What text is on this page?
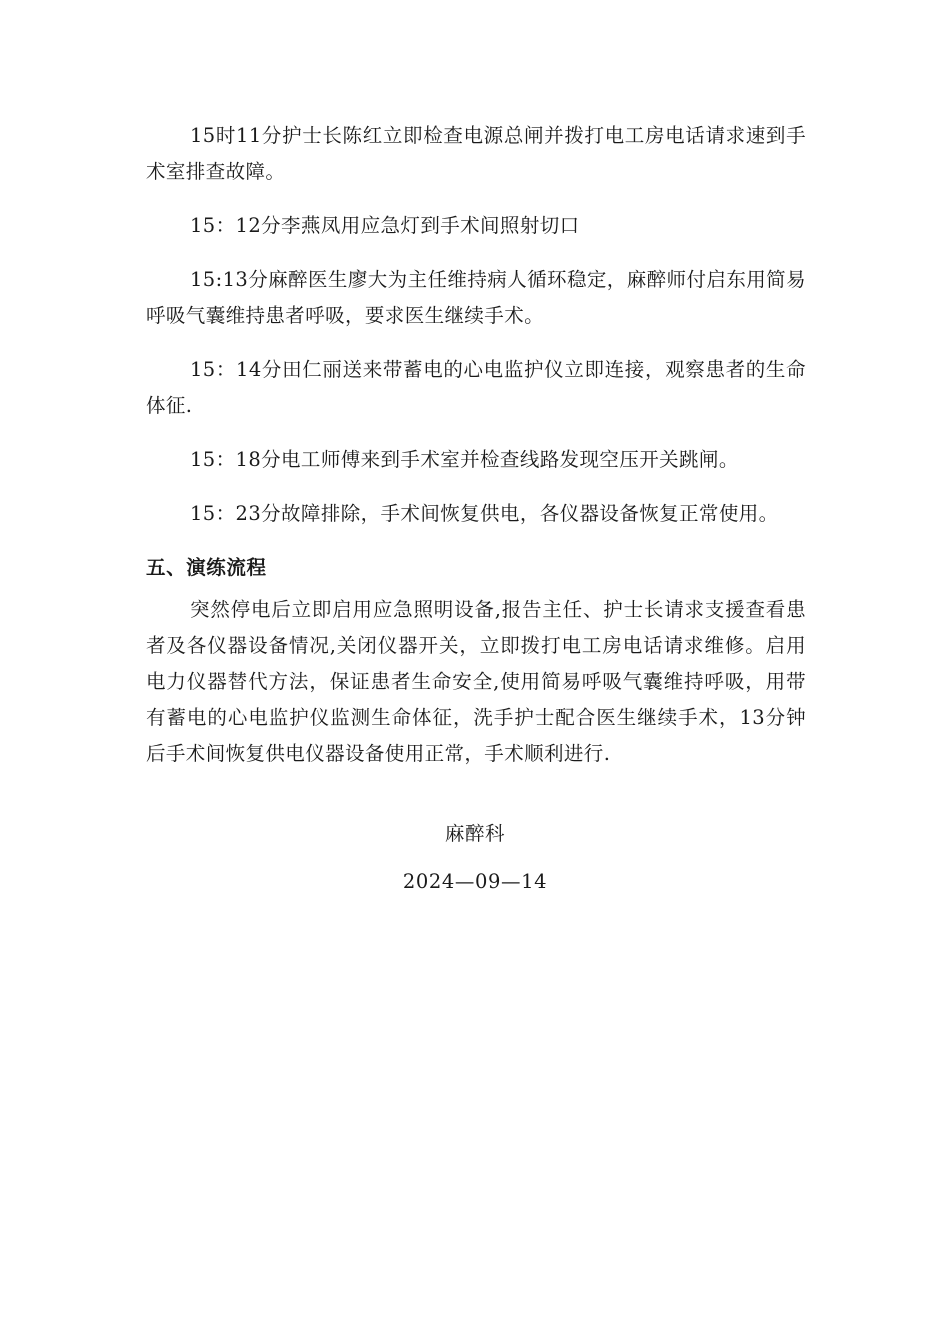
15时11分护士长陈红立即检查电源总闸并拨打电工房电话请求速到手术室排查故障。

15：12分李燕凤用应急灯到手术间照射切口

15:13分麻醉医生廖大为主任维持病人循环稳定，麻醉师付启东用简易呼吸气囊维持患者呼吸，要求医生继续手术。

15：14分田仁丽送来带蓄电的心电监护仪立即连接，观察患者的生命体征.

15：18分电工师傅来到手术室并检查线路发现空压开关跳闸。

15：23分故障排除，手术间恢复供电，各仪器设备恢复正常使用。

五、演练流程

突然停电后立即启用应急照明设备,报告主任、护士长请求支援查看患者及各仪器设备情况,关闭仪器开关，立即拨打电工房电话请求维修。启用电力仪器替代方法，保证患者生命安全,使用简易呼吸气囊维持呼吸，用带有蓄电的心电监护仪监测生命体征，洗手护士配合医生继续手术，13分钟后手术间恢复供电仪器设备使用正常，手术顺利进行.

麻醉科
2024—09—14
